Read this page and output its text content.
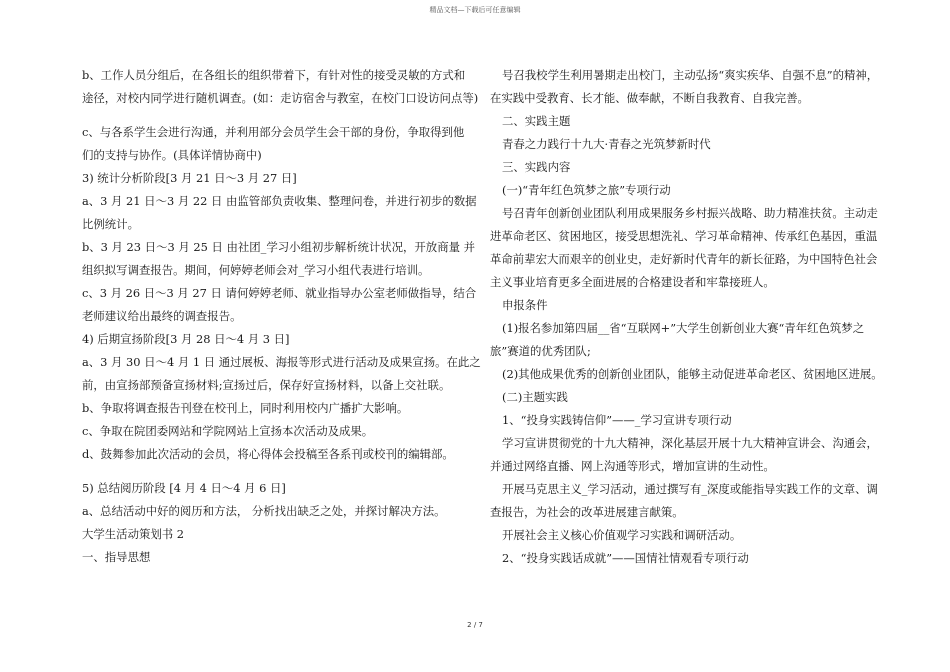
精品文档—下载后可任意编辑

b、工作人员分组后，在各组长的组织带着下，有针对性的接受灵敏的方式和

途径，对校内同学进行随机调查。(如：走访宿舍与教室，在校门口设访问点等)

c、与各系学生会进行沟通，并利用部分会员学生会干部的身份，争取得到他

们的支持与协作。(具体详情协商中)

3) 统计分析阶段[3 月 21 日～3 月 27 日]

a、3 月 21 日～3 月 22 日 由监管部负责收集、整理问卷，并进行初步的数据

比例统计。

b、3 月 23 日～3 月 25 日 由社团_学习小组初步解析统计状况，开放商量 并

组织拟写调查报告。期间，何婷婷老师会对_学习小组代表进行培训。

c、3 月 26 日～3 月 27 日 请何婷婷老师、就业指导办公室老师做指导，结合

老师建议给出最终的调查报告。

4) 后期宣扬阶段[3 月 28 日～4 月 3 日]

a、3 月 30 日～4 月 1 日 通过展板、海报等形式进行活动及成果宣扬。在此之

前，由宣扬部预备宣扬材料;宣扬过后，保存好宣扬材料，以备上交社联。

b、争取将调查报告刊登在校刊上，同时利用校内广播扩大影响。

c、争取在院团委网站和学院网站上宣扬本次活动及成果。

d、鼓舞参加此次活动的会员，将心得体会投稿至各系刊或校刊的编辑部。

5) 总结阅历阶段 [4 月 4 日～4 月 6 日]

a、总结活动中好的阅历和方法， 分析找出缺乏之处，并探讨解决方法。

大学生活动策划书 2

一、指导思想

号召我校学生利用暑期走出校门，主动弘扬“爽实疾华、自强不息”的精神，

在实践中受教育、长才能、做奉献，不断自我教育、自我完善。

二、实践主题

青春之力践行十九大·青春之光筑梦新时代

三、实践内容

(一)“青年红色筑梦之旅”专项行动

号召青年创新创业团队利用成果服务乡村振兴战略、助力精准扶贫。主动走

进革命老区、贫困地区，接受思想洗礼、学习革命精神、传承红色基因，重温

革命前辈宏大而艰辛的创业史，走好新时代青年的新长征路，为中国特色社会

主义事业培育更多全面进展的合格建设者和牢靠接班人。

申报条件

(1)报名参加第四届__省“互联网+”大学生创新创业大赛“青年红色筑梦之

旅”赛道的优秀团队;

(2)其他成果优秀的创新创业团队，能够主动促进革命老区、贫困地区进展。

(二)主题实践

1、“投身实践铸信仰”——_学习宣讲专项行动

学习宣讲贯彻党的十九大精神，深化基层开展十九大精神宣讲会、沟通会，

并通过网络直播、网上沟通等形式，增加宣讲的生动性。

开展马克思主义_学习活动，通过撰写有_深度或能指导实践工作的文章、调

查报告，为社会的改革进展建言献策。

开展社会主义核心价值观学习实践和调研活动。

2、“投身实践话成就”——国情社情观看专项行动

2 / 7
